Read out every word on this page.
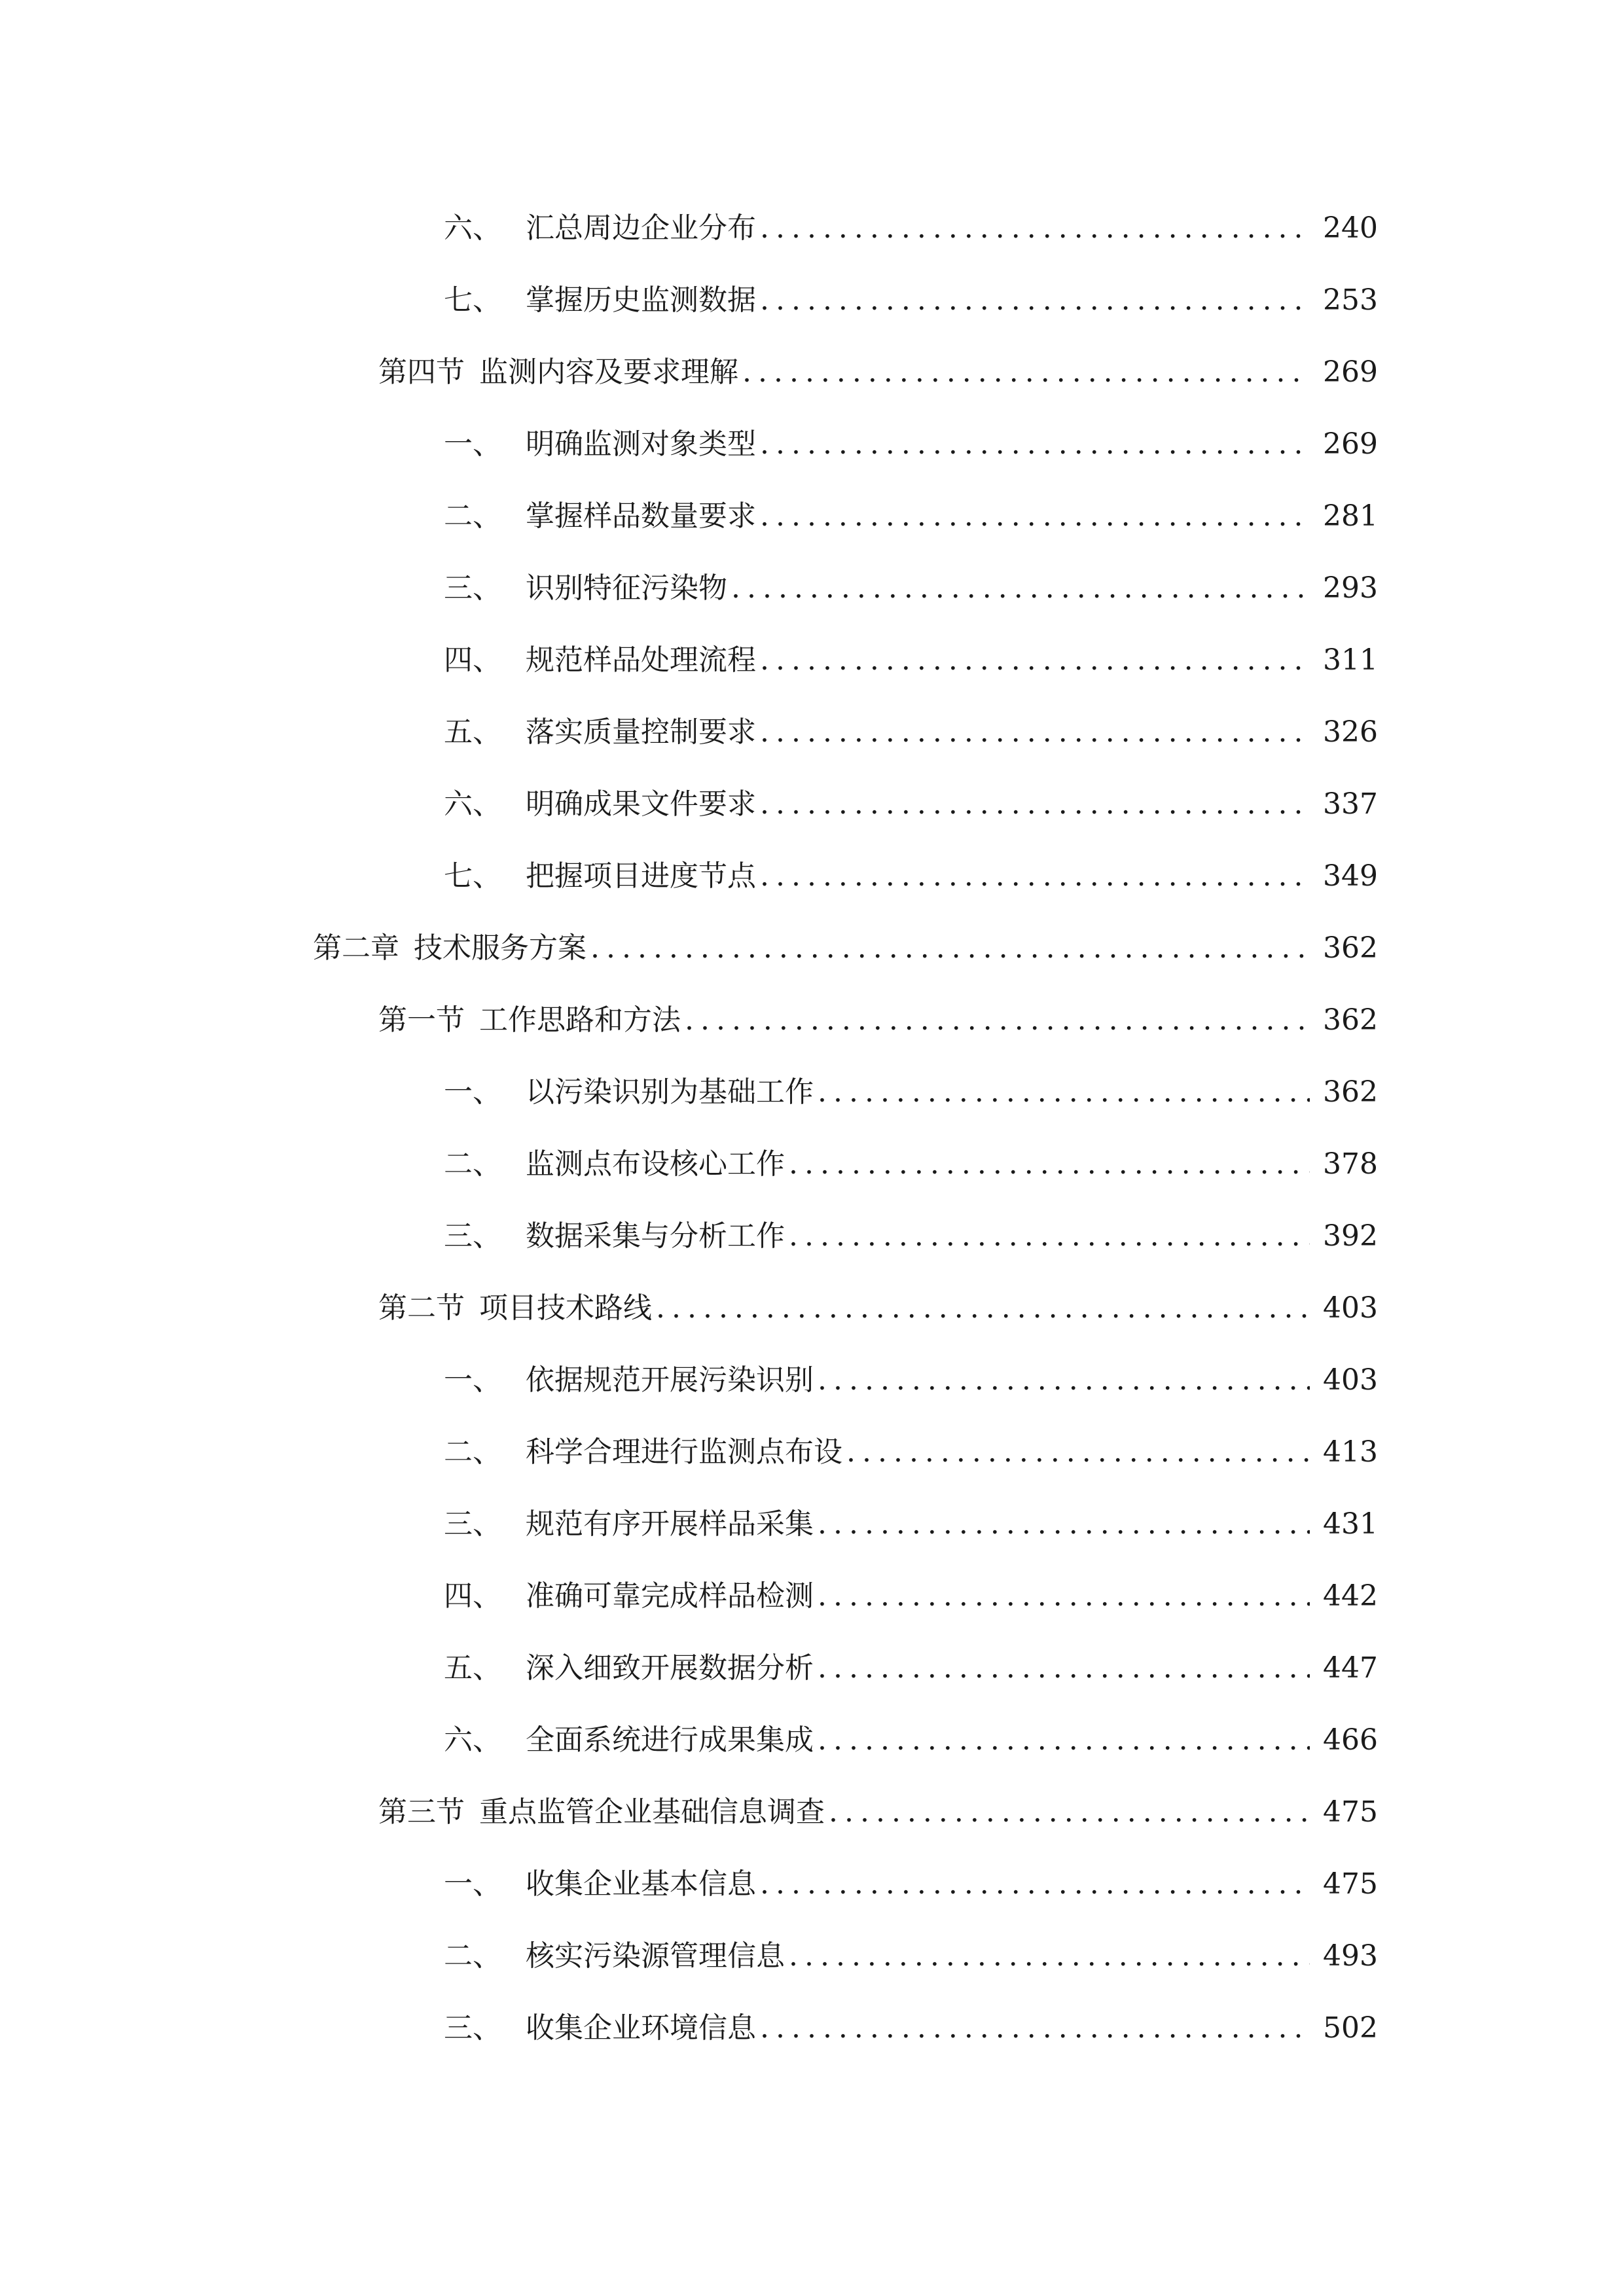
六、 汇总周边企业分布 .....	240
七、 掌握历史监测数据 .....	253
第四节 监测内容及要求理解 .....	269
一、 明确监测对象类型 .....	269
二、 掌握样品数量要求 .....	281
三、 识别特征污染物 .....	293
四、 规范样品处理流程 .....	311
五、 落实质量控制要求 .....	326
六、 明确成果文件要求 .....	337
七、 把握项目进度节点 .....	349
第二章 技术服务方案 .....	362
第一节 工作思路和方法 .....	362
一、 以污染识别为基础工作 .....	362
二、 监测点布设核心工作 .....	378
三、 数据采集与分析工作 .....	392
第二节 项目技术路线 .....	403
一、 依据规范开展污染识别 .....	403
二、 科学合理进行监测点布设 .....	413
三、 规范有序开展样品采集 .....	431
四、 准确可靠完成样品检测 .....	442
五、 深入细致开展数据分析 .....	447
六、 全面系统进行成果集成 .....	466
第三节 重点监管企业基础信息调查 .....	475
一、 收集企业基本信息 .....	475
二、 核实污染源管理信息 .....	493
三、 收集企业环境信息 .....	502
